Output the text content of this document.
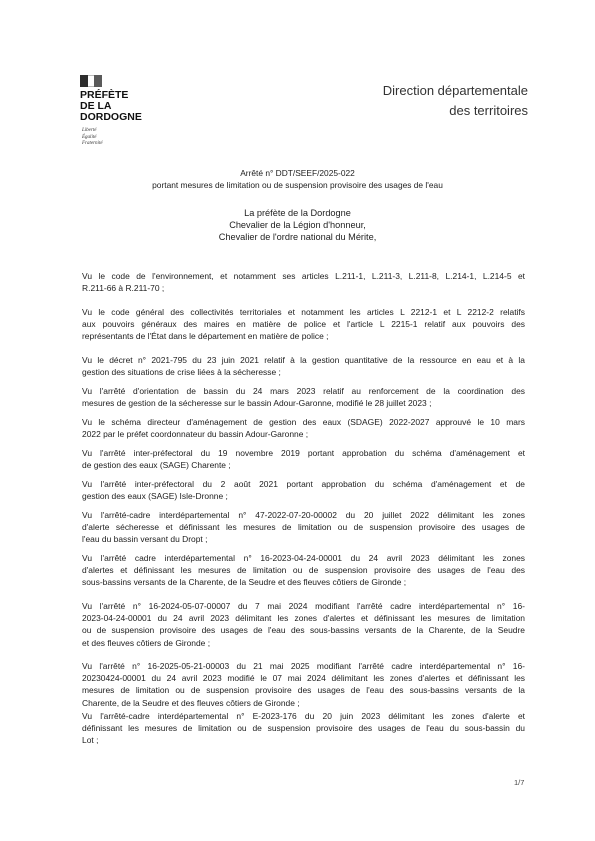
PRÉFÈTE
DE LA
DORDOGNE
Liberté
Égalité
Fraternité
Direction départementale
des territoires
Arrêté n° DDT/SEEF/2025-022
portant mesures de limitation ou de suspension provisoire des usages de l'eau
La préfète de la Dordogne
Chevalier de la Légion d'honneur,
Chevalier de l'ordre national du Mérite,
Vu le code de l'environnement, et notamment ses articles L.211-1, L.211-3, L.211-8, L.214-1, L.214-5 et
R.211-66 à R.211-70 ;
Vu le code général des collectivités territoriales et notamment les articles L 2212-1 et L 2212-2 relatifs
aux pouvoirs généraux des maires en matière de police et l'article L 2215-1 relatif aux pouvoirs des
représentants de l'État dans le département en matière de police ;
Vu le décret n° 2021-795 du 23 juin 2021 relatif à la gestion quantitative de la ressource en eau et à la
gestion des situations de crise liées à la sécheresse ;
Vu l'arrêté d'orientation de bassin du 24 mars 2023 relatif au renforcement de la coordination des
mesures de gestion de la sécheresse sur le bassin Adour-Garonne, modifié le 28 juillet 2023 ;
Vu le schéma directeur d'aménagement de gestion des eaux (SDAGE) 2022-2027 approuvé le 10 mars
2022 par le préfet coordonnateur du bassin Adour-Garonne ;
Vu l'arrêté inter-préfectoral du 19 novembre 2019 portant approbation du schéma d'aménagement et
de gestion des eaux (SAGE) Charente ;
Vu l'arrêté inter-préfectoral du 2 août 2021 portant approbation du schéma d'aménagement et de
gestion des eaux (SAGE) Isle-Dronne ;
Vu l'arrêté-cadre interdépartemental n° 47-2022-07-20-00002 du 20 juillet 2022 délimitant les zones
d'alerte sécheresse et définissant les mesures de limitation ou de suspension provisoire des usages de
l'eau du bassin versant du Dropt ;
Vu l'arrêté cadre interdépartemental n° 16-2023-04-24-00001 du 24 avril 2023 délimitant les zones
d'alertes et définissant les mesures de limitation ou de suspension provisoire des usages de l'eau des
sous-bassins versants de la Charente, de la Seudre et des fleuves côtiers de Gironde ;
Vu l'arrêté n° 16-2024-05-07-00007 du 7 mai 2024 modifiant l'arrêté cadre interdépartemental n° 16-
2023-04-24-00001 du 24 avril 2023 délimitant les zones d'alertes et définissant les mesures de limitation
ou de suspension provisoire des usages de l'eau des sous-bassins versants de la Charente, de la Seudre
et des fleuves côtiers de Gironde ;
Vu l'arrêté n° 16-2025-05-21-00003 du 21 mai 2025 modifiant l'arrêté cadre interdépartemental n° 16-
20230424-00001 du 24 avril 2023 modifié le 07 mai 2024 délimitant les zones d'alertes et définissant les
mesures de limitation ou de suspension provisoire des usages de l'eau des sous-bassins versants de la
Charente, de la Seudre et des fleuves côtiers de Gironde ;
Vu l'arrêté-cadre interdépartemental n° E-2023-176 du 20 juin 2023 délimitant les zones d'alerte et
définissant les mesures de limitation ou de suspension provisoire des usages de l'eau du sous-bassin du
Lot ;
1/7
